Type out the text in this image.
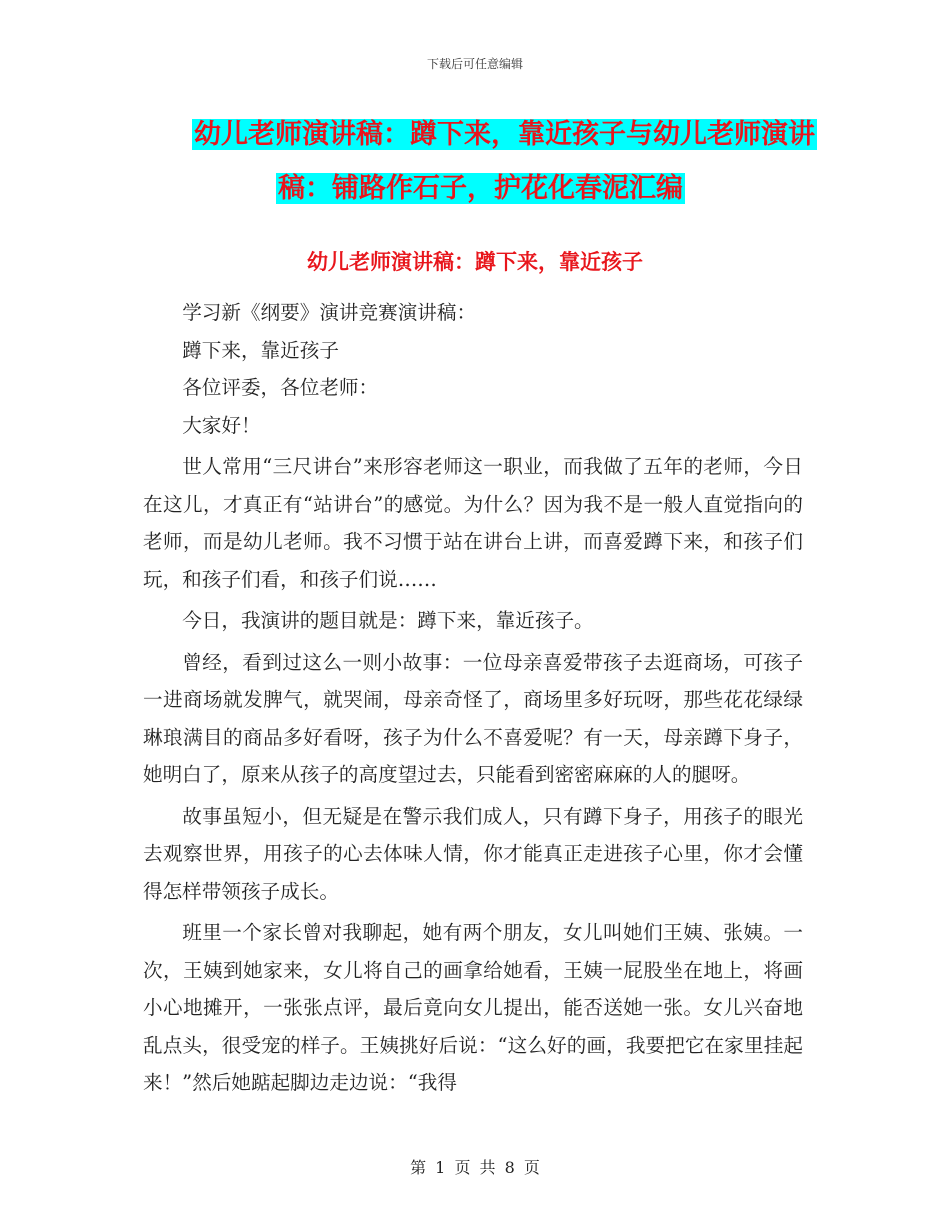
下载后可任意编辑
幼儿老师演讲稿：蹲下来，靠近孩子与幼儿老师演讲
稿：铺路作石子，护花化春泥汇编
幼儿老师演讲稿：蹲下来，靠近孩子

学习新《纲要》演讲竞赛演讲稿：

蹲下来，靠近孩子

各位评委，各位老师：

大家好！

世人常用“三尺讲台”来形容老师这一职业，而我做了五年的老师，今日在这儿，才真正有“站讲台”的感觉。为什么？因为我不是一般人直觉指向的老师，而是幼儿老师。我不习惯于站在讲台上讲，而喜爱蹲下来，和孩子们玩，和孩子们看，和孩子们说……

今日，我演讲的题目就是：蹲下来，靠近孩子。

曾经，看到过这么一则小故事：一位母亲喜爱带孩子去逛商场，可孩子一进商场就发脾气，就哭闹，母亲奇怪了，商场里多好玩呀，那些花花绿绿琳琅满目的商品多好看呀，孩子为什么不喜爱呢？有一天，母亲蹲下身子，她明白了，原来从孩子的高度望过去，只能看到密密麻麻的人的腿呀。

故事虽短小，但无疑是在警示我们成人，只有蹲下身子，用孩子的眼光去观察世界，用孩子的心去体味人情，你才能真正走进孩子心里，你才会懂得怎样带领孩子成长。

班里一个家长曾对我聊起，她有两个朋友，女儿叫她们王姨、张姨。一次，王姨到她家来，女儿将自己的画拿给她看，王姨一屁股坐在地上，将画小心地摊开，一张张点评，最后竟向女儿提出，能否送她一张。女儿兴奋地乱点头，很受宠的样子。王姨挑好后说：“这么好的画，我要把它在家里挂起来！”然后她踮起脚边走边说：“我得

第 1 页 共 8 页
